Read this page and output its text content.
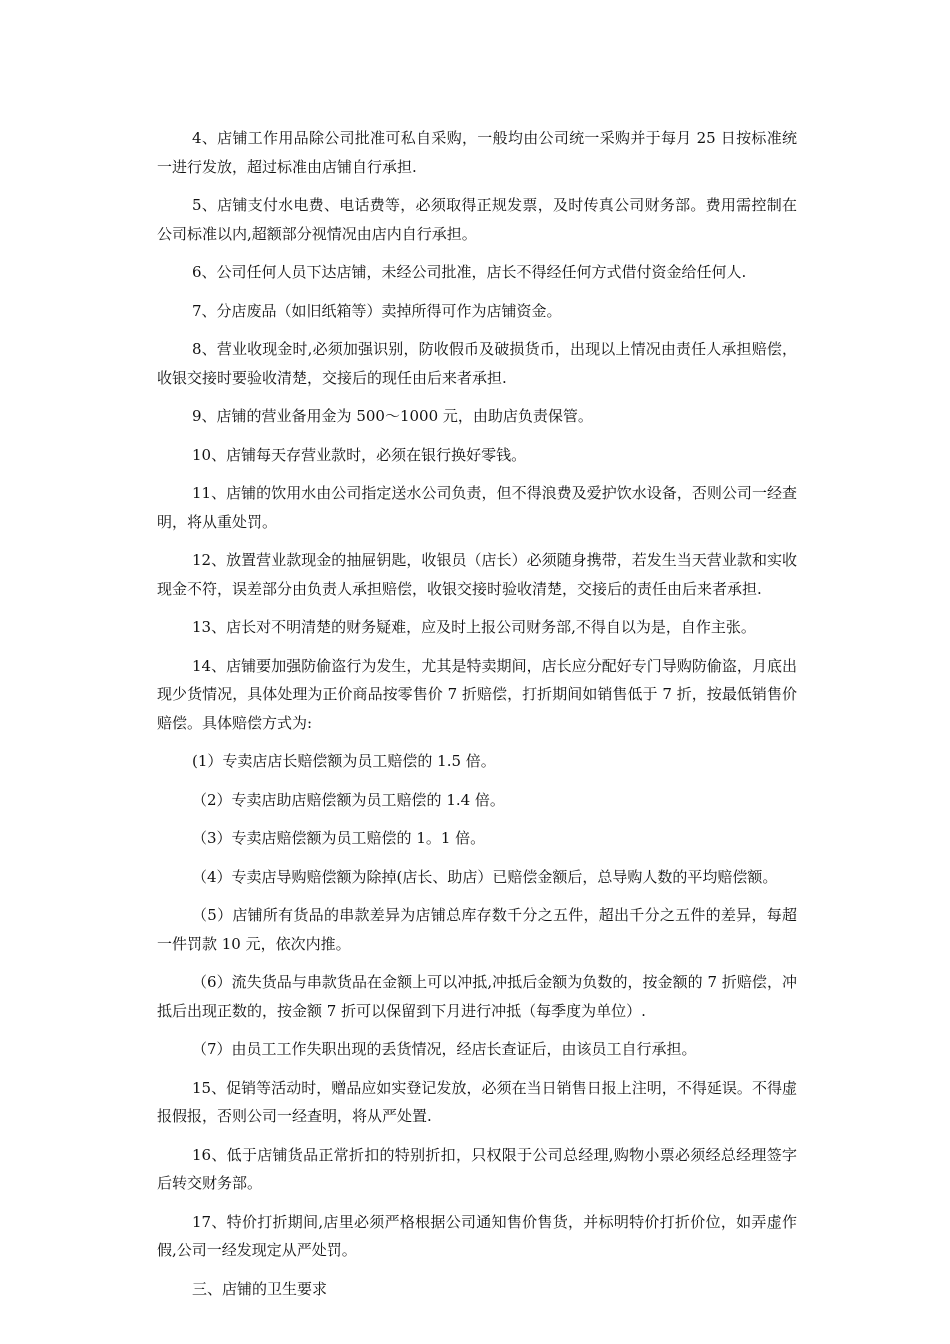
4、店铺工作用品除公司批准可私自采购，一般均由公司统一采购并于每月 25 日按标准统一进行发放，超过标准由店铺自行承担.

5、店铺支付水电费、电话费等，必须取得正规发票，及时传真公司财务部。费用需控制在公司标准以内,超额部分视情况由店内自行承担。

6、公司任何人员下达店铺，未经公司批准，店长不得经任何方式借付资金给任何人.

7、分店废品（如旧纸箱等）卖掉所得可作为店铺资金。

8、营业收现金时,必须加强识别，防收假币及破损货币，出现以上情况由责任人承担赔偿，收银交接时要验收清楚，交接后的现任由后来者承担.

9、店铺的营业备用金为 500～1000 元，由助店负责保管。

10、店铺每天存营业款时，必须在银行换好零钱。

11、店铺的饮用水由公司指定送水公司负责，但不得浪费及爱护饮水设备，否则公司一经查明，将从重处罚。

12、放置营业款现金的抽屉钥匙，收银员（店长）必须随身携带，若发生当天营业款和实收现金不符，误差部分由负责人承担赔偿，收银交接时验收清楚，交接后的责任由后来者承担.

13、店长对不明清楚的财务疑难，应及时上报公司财务部,不得自以为是，自作主张。

14、店铺要加强防偷盗行为发生，尤其是特卖期间，店长应分配好专门导购防偷盗，月底出现少货情况，具体处理为正价商品按零售价 7 折赔偿，打折期间如销售低于 7 折，按最低销售价赔偿。具体赔偿方式为:

(1）专卖店店长赔偿额为员工赔偿的 1.5 倍。

（2）专卖店助店赔偿额为员工赔偿的 1.4 倍。

（3）专卖店赔偿额为员工赔偿的 1。1 倍。

（4）专卖店导购赔偿额为除掉(店长、助店）已赔偿金额后，总导购人数的平均赔偿额。

（5）店铺所有货品的串款差异为店铺总库存数千分之五件，超出千分之五件的差异，每超一件罚款 10 元，依次内推。

（6）流失货品与串款货品在金额上可以冲抵,冲抵后金额为负数的，按金额的 7 折赔偿，冲抵后出现正数的，按金额 7 折可以保留到下月进行冲抵（每季度为单位）.

（7）由员工工作失职出现的丢货情况，经店长查证后，由该员工自行承担。

15、促销等活动时，赠品应如实登记发放，必须在当日销售日报上注明，不得延误。不得虚报假报，否则公司一经查明，将从严处置.

16、低于店铺货品正常折扣的特别折扣，只权限于公司总经理,购物小票必须经总经理签字后转交财务部。

17、特价打折期间,店里必须严格根据公司通知售价售货，并标明特价打折价位，如弄虚作假,公司一经发现定从严处罚。

三、店铺的卫生要求
